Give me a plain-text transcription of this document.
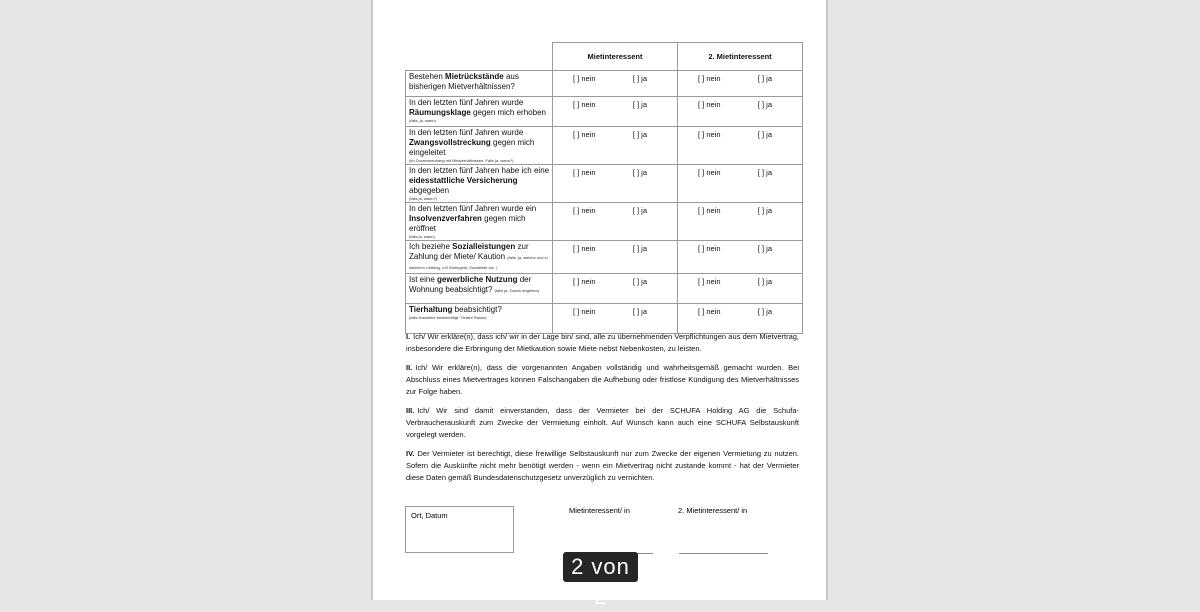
	Mietinteressent	2. Mietinteressent
Bestehen Mietrückstände aus bisherigen Mietverhältnissen?	[ ] nein [ ] ja	[ ] nein [ ] ja

In den letzten fünf Jahren wurde Räumungsklage gegen mich erhoben
(falls, ja, wann)	[ ] nein [ ] ja	[ ] nein [ ] ja

In den letzten fünf Jahren wurde Zwangsvollstreckung gegen mich eingeleitet
(im Zusammenhang mit Mietverhältnissen. Falls ja, wann?)	[ ] nein [ ] ja	[ ] nein [ ] ja

In den letzten fünf Jahren habe ich eine eidesstattliche Versicherung abgegeben
(falls ja, wann?)	[ ] nein [ ] ja	[ ] nein [ ] ja

In den letzten fünf Jahren wurde ein Insolvenzverfahren gegen mich eröffnet
(falls ja, wann)	[ ] nein [ ] ja	[ ] nein [ ] ja

Ich beziehe Sozialleistungen zur Zahlung der Miete/ Kaution (falls, ja, welche und in welchem Umfang, z.B Wohngeld, Sozialhilfe etc. )	[ ] nein [ ] ja	[ ] nein [ ] ja

Ist eine gewerbliche Nutzung der Wohnung beabsichtigt? (falls ja, Zweck angeben)	[ ] nein [ ] ja	[ ] nein [ ] ja

Tierhaltung beabsichtigt?
(falls Haustiere beabsichtigt: Tierart/ Rasse)	[ ] nein [ ] ja	[ ] nein [ ] ja

I. Ich/ Wir erkläre(n), dass ich/ wir in der Lage bin/ sind, alle zu übernehmenden Verpflichtungen aus dem Mietvertrag, insbesondere die Erbringung der Mietkaution sowie Miete nebst Nebenkosten, zu leisten.

II. Ich/ Wir erkläre(n), dass die vorgenannten Angaben vollständig und wahrheitsgemäß gemacht wurden. Bei Abschluss eines Mietvertrages können Falschangaben die Aufhebung oder fristlose Kündigung des Mietverhältnisses zur Folge haben.

III. Ich/ Wir sind damit einverstanden, dass der Vermieter bei der SCHUFA Holding AG die Schufa-Verbraucherauskunft zum Zwecke der Vermietung einholt. Auf Wunsch kann auch eine SCHUFA Selbstauskunft vorgelegt werden.

IV. Der Vermieter ist berechtigt, diese freiwillige Selbstauskunft nur zum Zwecke der eigenen Vermietung zu nutzen. Sofern die Auskünfte nicht mehr benötigt werden - wenn ein Mietvertrag nicht zustande kommt - hat der Vermieter diese Daten gemäß Bundesdatenschutzgesetz unverzüglich zu vernichten.

Ort, Datum
Mietinteressent/ in	2. Mietinteressent/ in
2 von 2
